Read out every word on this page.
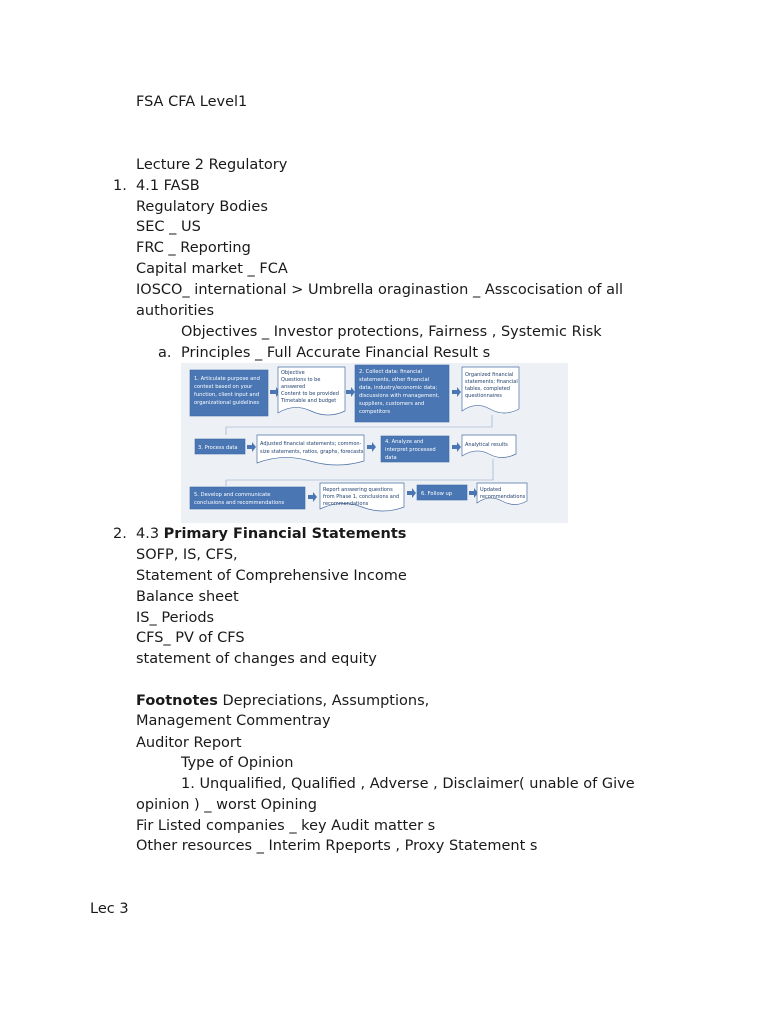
FSA CFA Level1
Lecture 2 Regulatory
1. 4.1 FASB
Regulatory Bodies
SEC _ US
FRC _ Reporting
Capital market _ FCA
IOSCO_ international > Umbrella oraginastion _ Asscocisation of all
authorities
Objectives _ Investor protections, Fairness , Systemic Risk
a. Principles _ Full Accurate Financial Result s
1. Articulate purpose and context based on your function, client input and organizational guidelines
Objective Questions to be answered Content to be provided Timetable and budget
2. Collect data: financial statements, other financial data, industry/economic data; discussions with management, suppliers, customers and competitors
Organized financial statements; financial tables, completed questionnaires
3. Process data
Adjusted financial statements; common- size statements, ratios, graphs, forecasts
4. Analyze and interpret processed data
Analytical results
5. Develop and communicate conclusions and recommendations
Report answering questions from Phase 1, conclusions and recommendations
6. Follow up
Updated recommendations
2. 4.3 Primary Financial Statements
SOFP, IS, CFS,
Statement of Comprehensive Income
Balance sheet
IS_ Periods
CFS_ PV of CFS
statement of changes and equity
Footnotes Depreciations, Assumptions,
Management Commentray
Auditor Report
Type of Opinion
1. Unqualified, Qualified , Adverse , Disclaimer( unable of Give
opinion ) _ worst Opining
Fir Listed companies _ key Audit matter s
Other resources _ Interim Rpeports , Proxy Statement s
Lec 3
